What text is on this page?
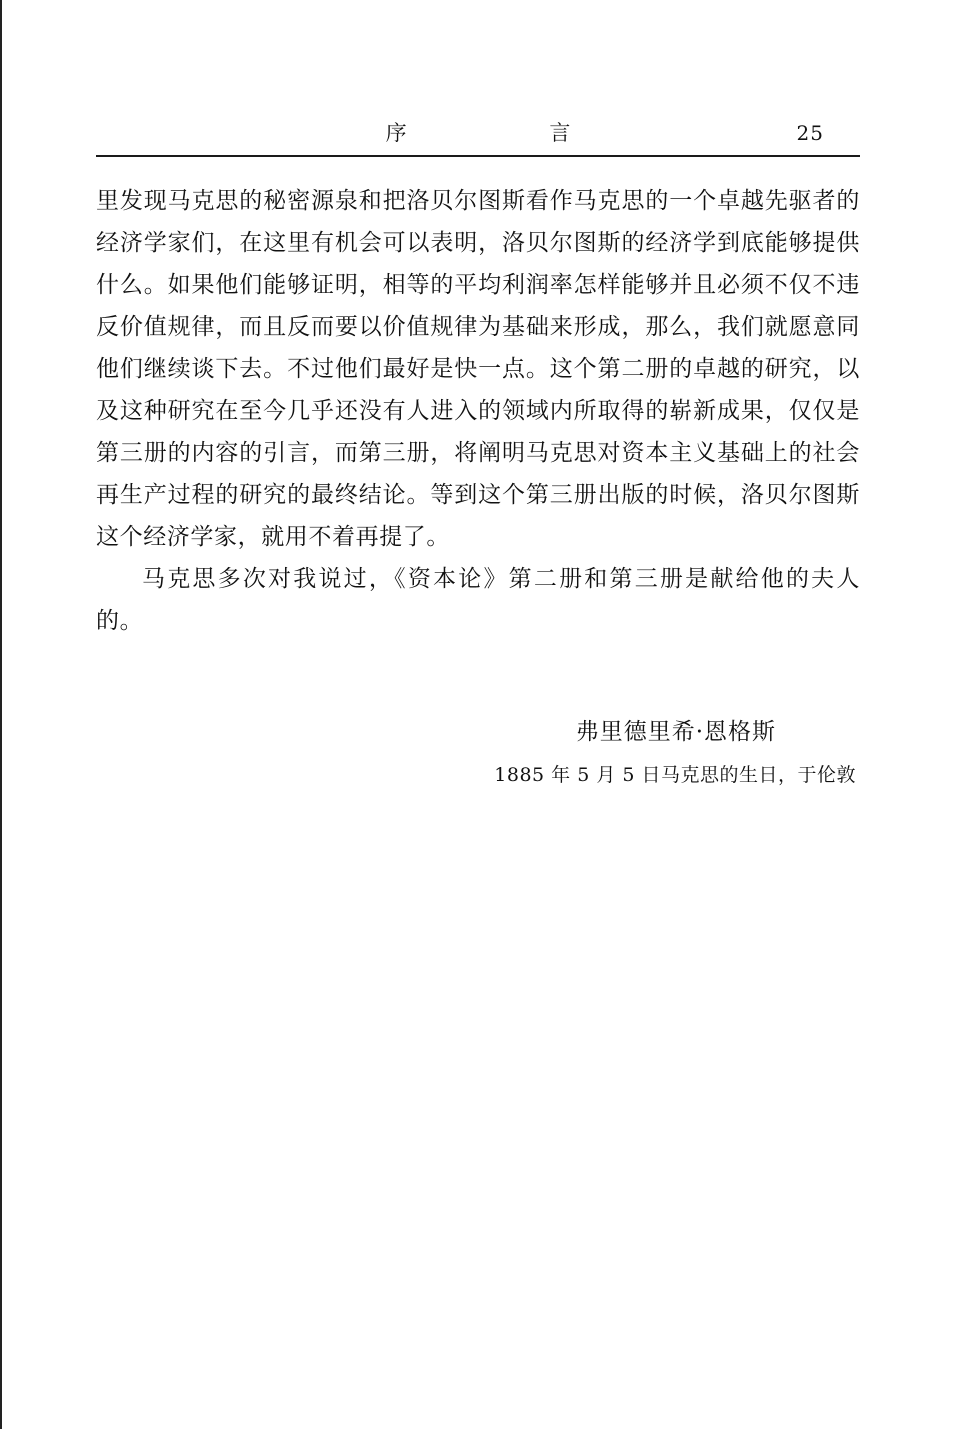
序 言	25

里发现马克思的秘密源泉和把洛贝尔图斯看作马克思的一个卓越先驱者的经济学家们，在这里有机会可以表明，洛贝尔图斯的经济学到底能够提供什么。如果他们能够证明，相等的平均利润率怎样能够并且必须不仅不违反价值规律，而且反而要以价值规律为基础来形成，那么，我们就愿意同他们继续谈下去。不过他们最好是快一点。这个第二册的卓越的研究，以及这种研究在至今几乎还没有人进入的领域内所取得的崭新成果，仅仅是第三册的内容的引言，而第三册，将阐明马克思对资本主义基础上的社会再生产过程的研究的最终结论。等到这个第三册出版的时候，洛贝尔图斯这个经济学家，就用不着再提了。

马克思多次对我说过，《资本论》第二册和第三册是献给他的夫人的。

弗里德里希·恩格斯
1885 年 5 月 5 日马克思的生日，于伦敦
